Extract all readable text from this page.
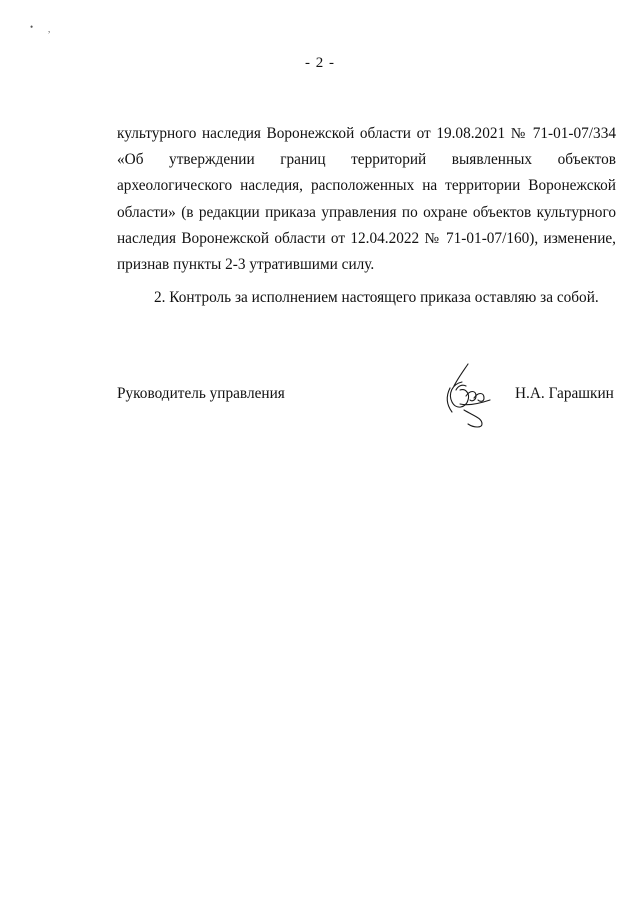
• ,
- 2 -
культурного наследия Воронежской области от 19.08.2021 № 71-01-07/334
«Об утверждении границ территорий выявленных объектов
археологического наследия, расположенных на территории Воронежской
области» (в редакции приказа управления по охране объектов культурного
наследия Воронежской области от 12.04.2022 № 71-01-07/160), изменение,
признав пункты 2-3 утратившими силу.
2. Контроль за исполнением настоящего приказа оставляю за собой.
Руководитель управления	Н.А. Гарашкин
